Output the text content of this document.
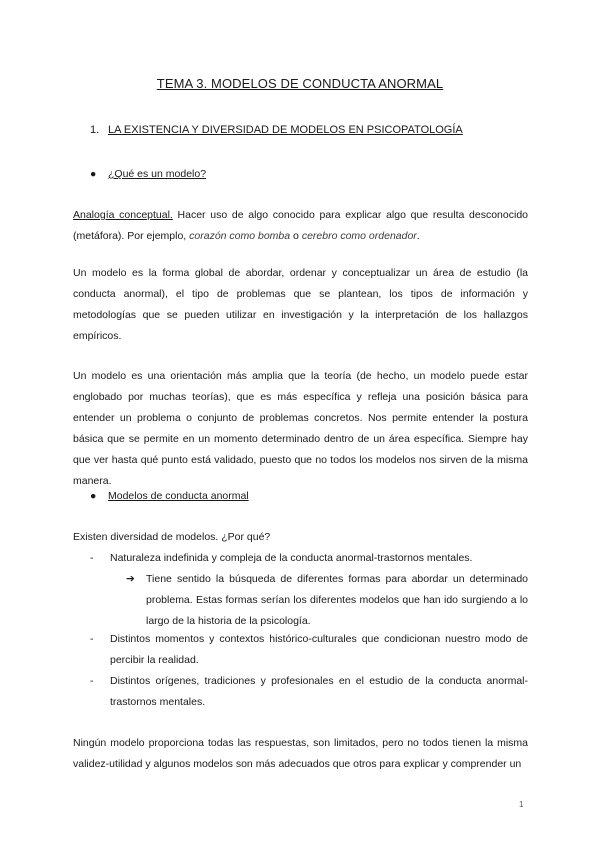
TEMA 3. MODELOS DE CONDUCTA ANORMAL
1. LA EXISTENCIA Y DIVERSIDAD DE MODELOS EN PSICOPATOLOGÍA
● ¿Qué es un modelo?

Analogía conceptual. Hacer uso de algo conocido para explicar algo que resulta desconocido (metáfora). Por ejemplo, corazón como bomba o cerebro como ordenador.

Un modelo es la forma global de abordar, ordenar y conceptualizar un área de estudio (la conducta anormal), el tipo de problemas que se plantean, los tipos de información y metodologías que se pueden utilizar en investigación y la interpretación de los hallazgos empíricos.

Un modelo es una orientación más amplia que la teoría (de hecho, un modelo puede estar englobado por muchas teorías), que es más específica y refleja una posición básica para entender un problema o conjunto de problemas concretos. Nos permite entender la postura básica que se permite en un momento determinado dentro de un área específica. Siempre hay que ver hasta qué punto está validado, puesto que no todos los modelos nos sirven de la misma manera.

● Modelos de conducta anormal

Existen diversidad de modelos. ¿Por qué?

- Naturaleza indefinida y compleja de la conducta anormal-trastornos mentales.
➔ Tiene sentido la búsqueda de diferentes formas para abordar un determinado problema. Estas formas serían los diferentes modelos que han ido surgiendo a lo largo de la historia de la psicología.
- Distintos momentos y contextos histórico-culturales que condicionan nuestro modo de percibir la realidad.
- Distintos orígenes, tradiciones y profesionales en el estudio de la conducta anormal-trastornos mentales.

Ningún modelo proporciona todas las respuestas, son limitados, pero no todos tienen la misma validez-utilidad y algunos modelos son más adecuados que otros para explicar y comprender un

1
